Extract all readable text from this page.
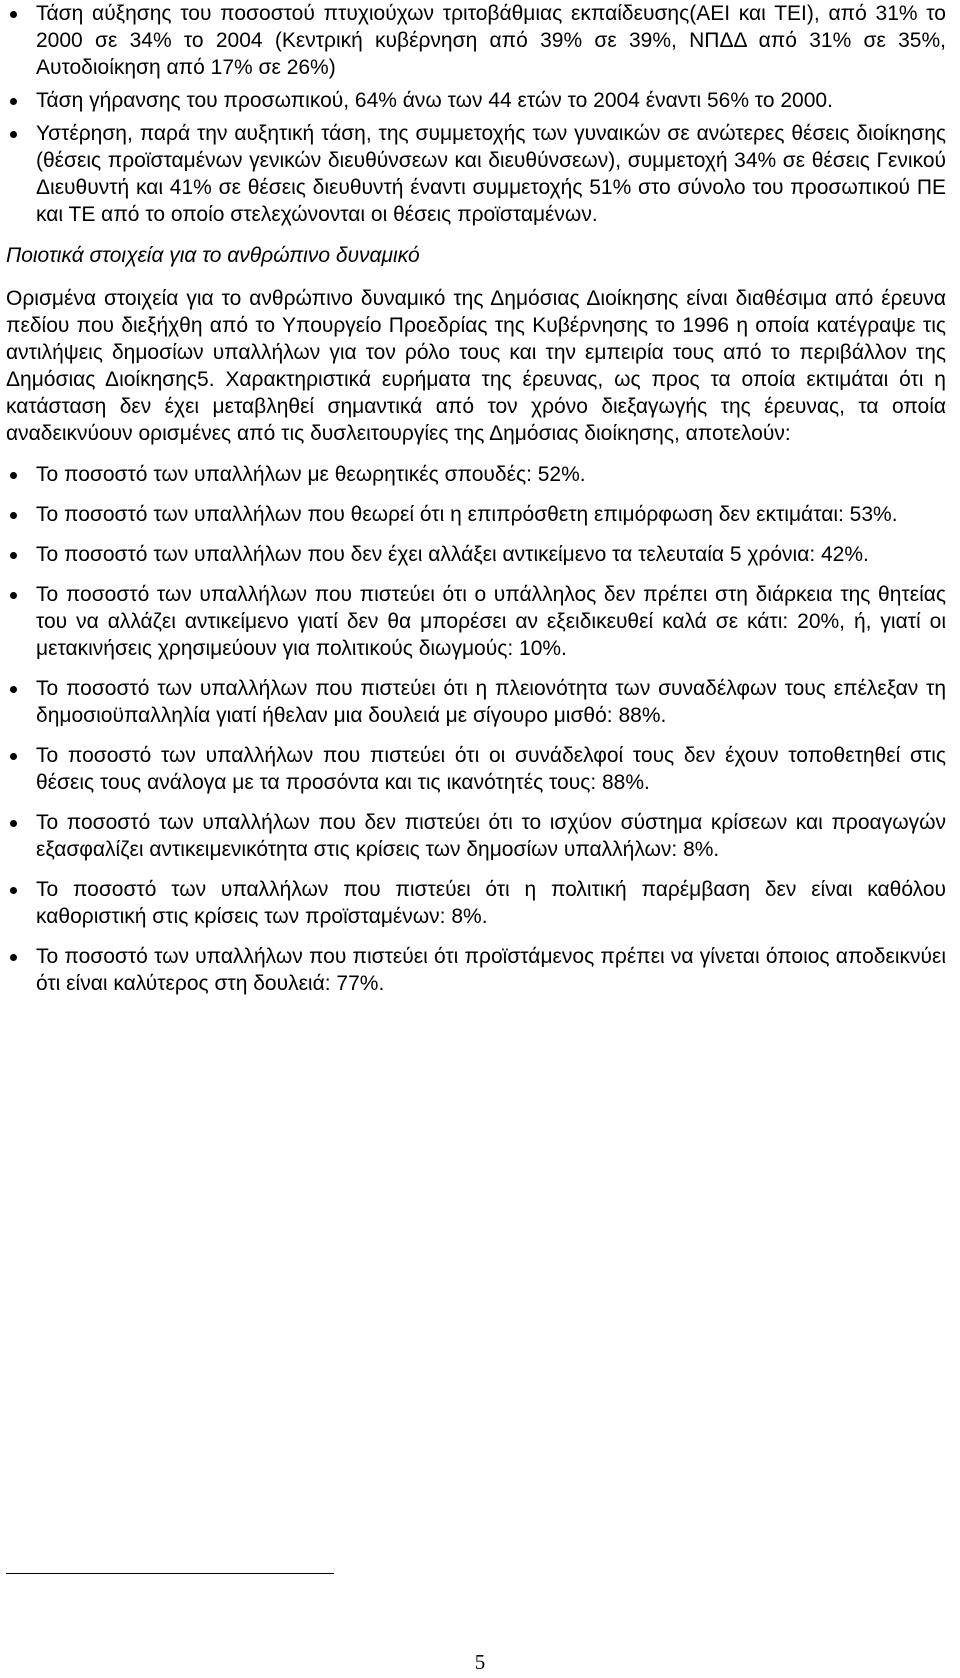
Τάση αύξησης του ποσοστού πτυχιούχων τριτοβάθμιας εκπαίδευσης(ΑΕΙ και ΤΕΙ), από 31% το 2000 σε 34% το 2004 (Κεντρική κυβέρνηση από 39% σε 39%, ΝΠΔΔ από 31% σε 35%, Αυτοδιοίκηση από 17% σε 26%)
Τάση γήρανσης του προσωπικού, 64% άνω των 44 ετών το 2004 έναντι 56% το 2000.
Υστέρηση, παρά την αυξητική τάση, της συμμετοχής των γυναικών σε ανώτερες θέσεις διοίκησης (θέσεις προϊσταμένων γενικών διευθύνσεων και διευθύνσεων), συμμετοχή 34% σε θέσεις Γενικού Διευθυντή και 41% σε θέσεις διευθυντή έναντι συμμετοχής 51% στο σύνολο του προσωπικού ΠΕ και ΤΕ από το οποίο στελεχώνονται οι θέσεις προϊσταμένων.
Ποιοτικά στοιχεία για το ανθρώπινο δυναμικό

Ορισμένα στοιχεία για το ανθρώπινο δυναμικό της Δημόσιας Διοίκησης είναι διαθέσιμα από έρευνα πεδίου που διεξήχθη από το Υπουργείο Προεδρίας της Κυβέρνησης το 1996 η οποία κατέγραψε τις αντιλήψεις δημοσίων υπαλλήλων για τον ρόλο τους και την εμπειρία τους από το περιβάλλον της Δημόσιας Διοίκησης5. Χαρακτηριστικά ευρήματα της έρευνας, ως προς τα οποία εκτιμάται ότι η κατάσταση δεν έχει μεταβληθεί σημαντικά από τον χρόνο διεξαγωγής της έρευνας, τα οποία αναδεικνύουν ορισμένες από τις δυσλειτουργίες της Δημόσιας διοίκησης, αποτελούν:

Το ποσοστό των υπαλλήλων με θεωρητικές σπουδές: 52%.
Το ποσοστό των υπαλλήλων που θεωρεί ότι η επιπρόσθετη επιμόρφωση δεν εκτιμάται: 53%.
Το ποσοστό των υπαλλήλων που δεν έχει αλλάξει αντικείμενο τα τελευταία 5 χρόνια: 42%.
Το ποσοστό των υπαλλήλων που πιστεύει ότι ο υπάλληλος δεν πρέπει στη διάρκεια της θητείας του να αλλάζει αντικείμενο γιατί δεν θα μπορέσει αν εξειδικευθεί καλά σε κάτι: 20%, ή, γιατί οι μετακινήσεις χρησιμεύουν για πολιτικούς διωγμούς: 10%.
Το ποσοστό των υπαλλήλων που πιστεύει ότι η πλειονότητα των συναδέλφων τους επέλεξαν τη δημοσιοϋπαλληλία γιατί ήθελαν μια δουλειά με σίγουρο μισθό: 88%.
Το ποσοστό των υπαλλήλων που πιστεύει ότι οι συνάδελφοί τους δεν έχουν τοποθετηθεί στις θέσεις τους ανάλογα με τα προσόντα και τις ικανότητές τους: 88%.
Το ποσοστό των υπαλλήλων που δεν πιστεύει ότι το ισχύον σύστημα κρίσεων και προαγωγών εξασφαλίζει αντικειμενικότητα στις κρίσεις των δημοσίων υπαλλήλων: 8%.
Το ποσοστό των υπαλλήλων που πιστεύει ότι η πολιτική παρέμβαση δεν είναι καθόλου καθοριστική στις κρίσεις των προϊσταμένων: 8%.
Το ποσοστό των υπαλλήλων που πιστεύει ότι προϊστάμενος πρέπει να γίνεται όποιος αποδεικνύει ότι είναι καλύτερος στη δουλειά: 77%.
5
